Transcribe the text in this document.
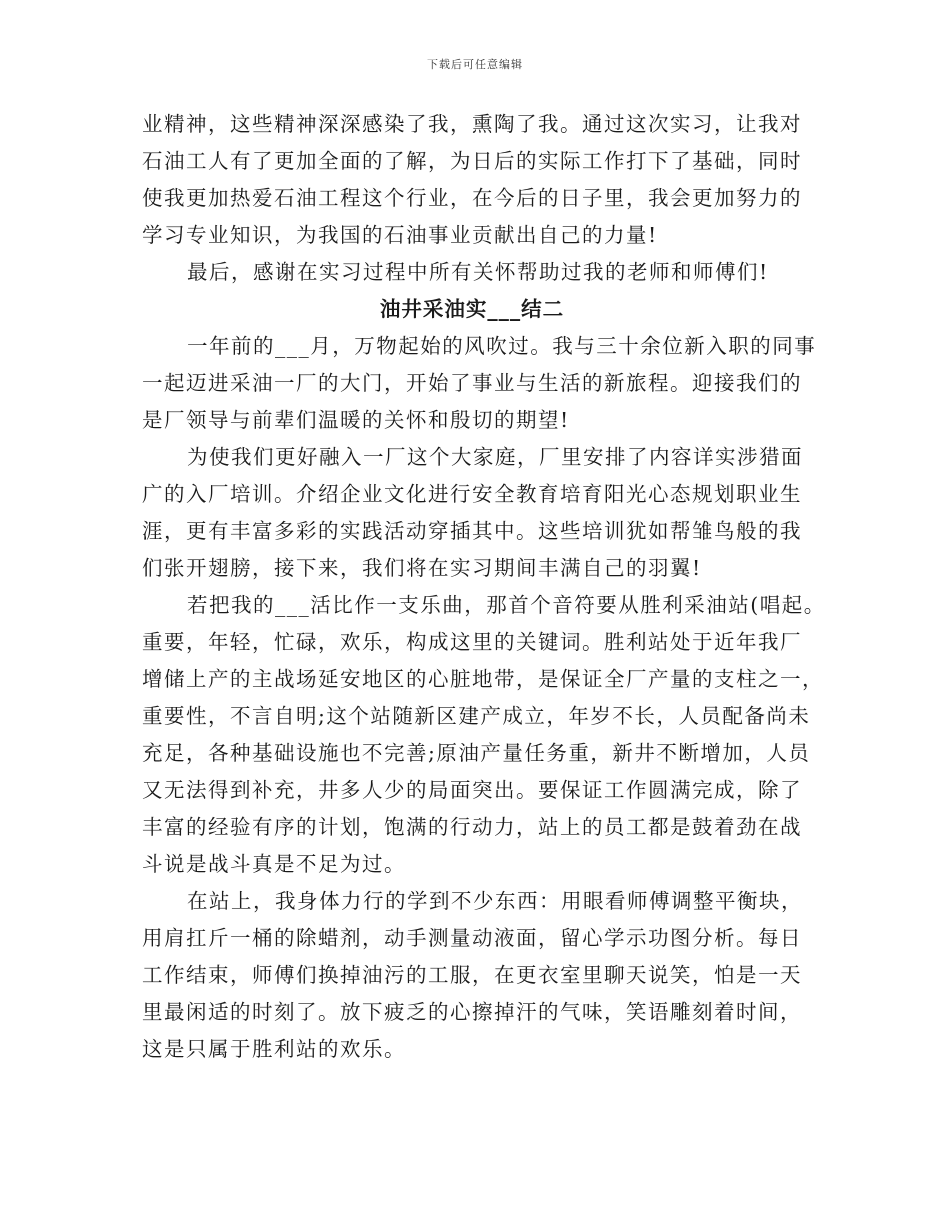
下载后可任意编辑
业精神，这些精神深深感染了我，熏陶了我。通过这次实习，让我对
石油工人有了更加全面的了解，为日后的实际工作打下了基础，同时
使我更加热爱石油工程这个行业，在今后的日子里，我会更加努力的
学习专业知识，为我国的石油事业贡献出自己的力量!
最后，感谢在实习过程中所有关怀帮助过我的老师和师傅们!
油井采油实___结二
一年前的___月，万物起始的风吹过。我与三十余位新入职的同事
一起迈进采油一厂的大门，开始了事业与生活的新旅程。迎接我们的
是厂领导与前辈们温暖的关怀和殷切的期望!
为使我们更好融入一厂这个大家庭，厂里安排了内容详实涉猎面
广的入厂培训。介绍企业文化进行安全教育培育阳光心态规划职业生
涯，更有丰富多彩的实践活动穿插其中。这些培训犹如帮雏鸟般的我
们张开翅膀，接下来，我们将在实习期间丰满自己的羽翼!
若把我的___活比作一支乐曲，那首个音符要从胜利采油站(唱起。
重要，年轻，忙碌，欢乐，构成这里的关键词。胜利站处于近年我厂
增储上产的主战场延安地区的心脏地带，是保证全厂产量的支柱之一，
重要性，不言自明;这个站随新区建产成立，年岁不长，人员配备尚未
充足，各种基础设施也不完善;原油产量任务重，新井不断增加，人员
又无法得到补充，井多人少的局面突出。要保证工作圆满完成，除了
丰富的经验有序的计划，饱满的行动力，站上的员工都是鼓着劲在战
斗说是战斗真是不足为过。
在站上，我身体力行的学到不少东西：用眼看师傅调整平衡块，
用肩扛斤一桶的除蜡剂，动手测量动液面，留心学示功图分析。每日
工作结束，师傅们换掉油污的工服，在更衣室里聊天说笑，怕是一天
里最闲适的时刻了。放下疲乏的心擦掉汗的气味，笑语雕刻着时间，
这是只属于胜利站的欢乐。
